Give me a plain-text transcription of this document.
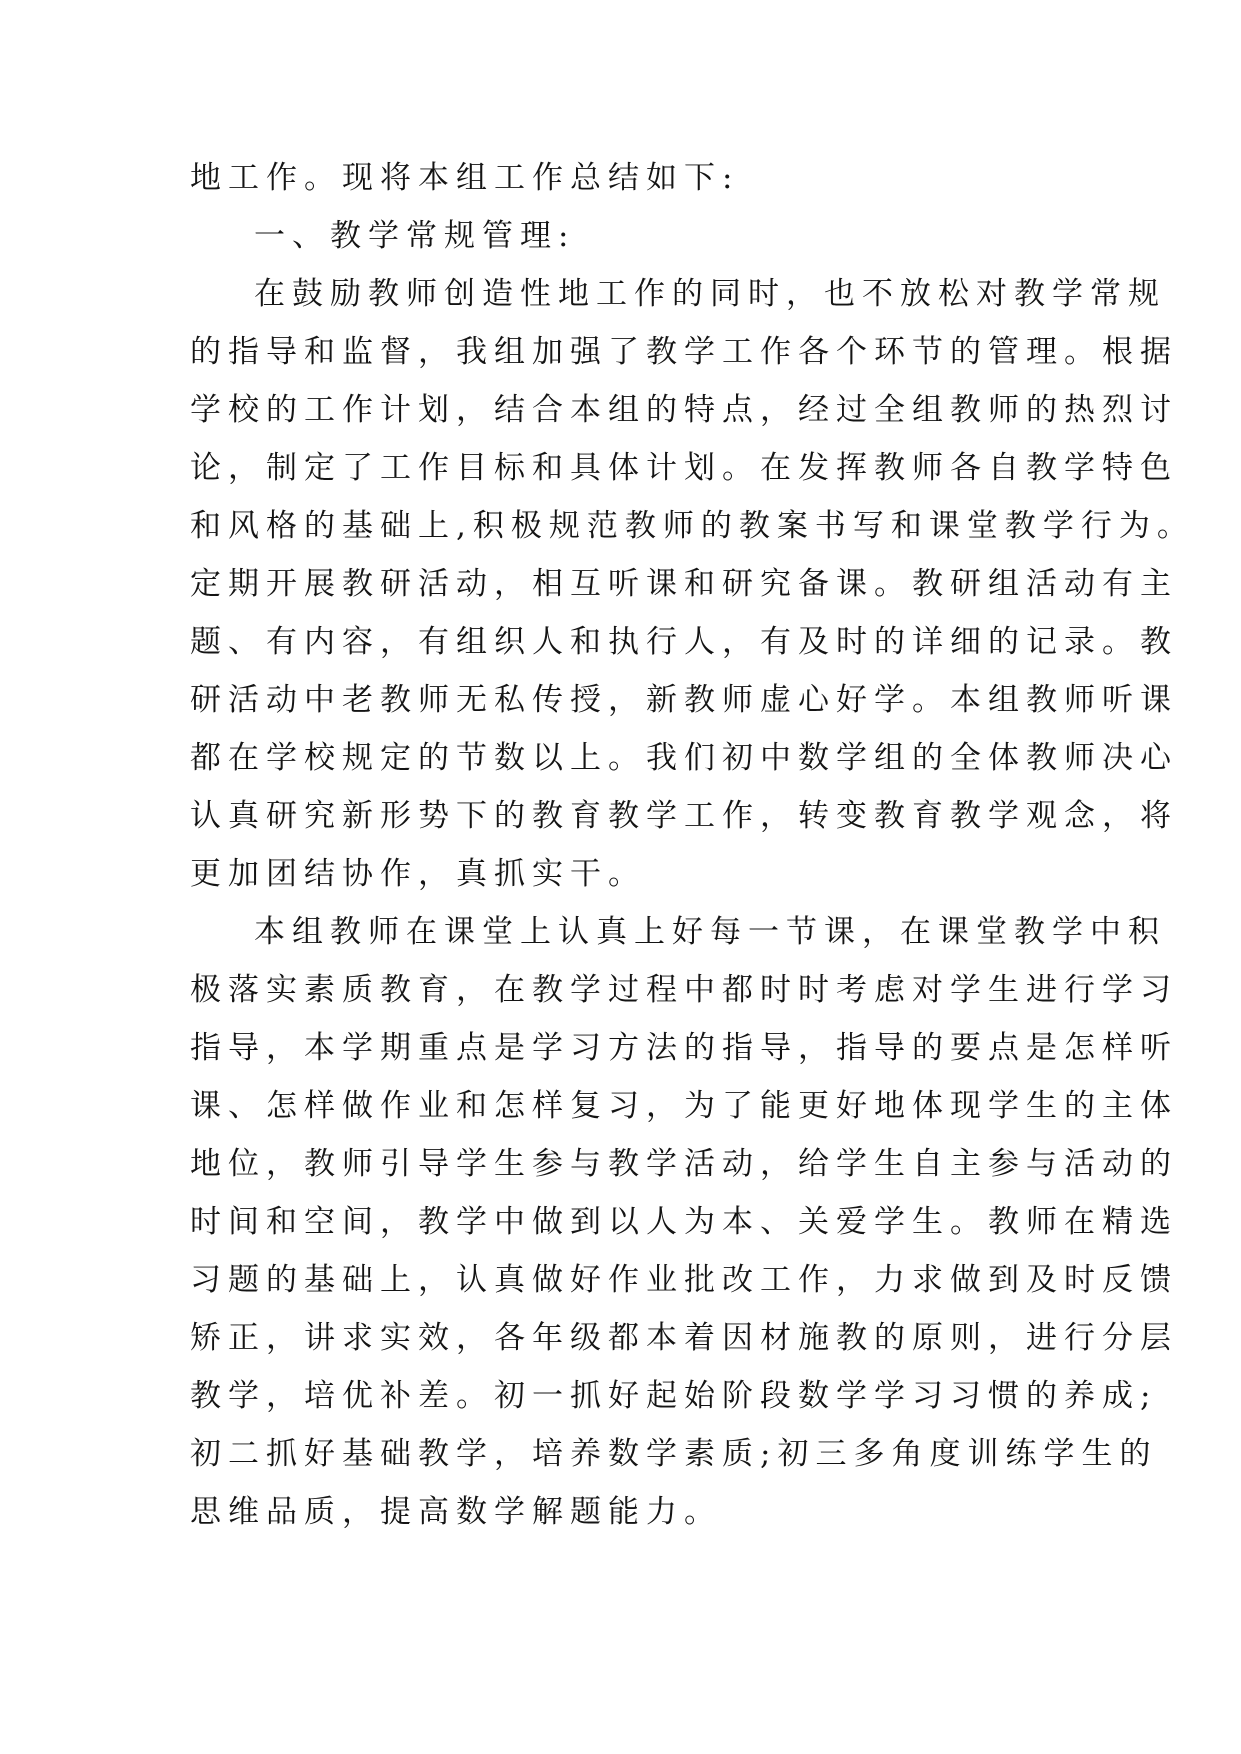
地工作。现将本组工作总结如下:
一、教学常规管理:
在鼓励教师创造性地工作的同时，也不放松对教学常规
的指导和监督，我组加强了教学工作各个环节的管理。根据
学校的工作计划，结合本组的特点，经过全组教师的热烈讨
论，制定了工作目标和具体计划。在发挥教师各自教学特色
和风格的基础上,积极规范教师的教案书写和课堂教学行为。
定期开展教研活动，相互听课和研究备课。教研组活动有主
题、有内容，有组织人和执行人，有及时的详细的记录。教
研活动中老教师无私传授，新教师虚心好学。本组教师听课
都在学校规定的节数以上。我们初中数学组的全体教师决心
认真研究新形势下的教育教学工作，转变教育教学观念，将
更加团结协作，真抓实干。
本组教师在课堂上认真上好每一节课，在课堂教学中积
极落实素质教育，在教学过程中都时时考虑对学生进行学习
指导，本学期重点是学习方法的指导，指导的要点是怎样听
课、怎样做作业和怎样复习，为了能更好地体现学生的主体
地位，教师引导学生参与教学活动，给学生自主参与活动的
时间和空间，教学中做到以人为本、关爱学生。教师在精选
习题的基础上，认真做好作业批改工作，力求做到及时反馈
矫正，讲求实效，各年级都本着因材施教的原则，进行分层
教学，培优补差。初一抓好起始阶段数学学习习惯的养成;
初二抓好基础教学，培养数学素质;初三多角度训练学生的
思维品质，提高数学解题能力。
